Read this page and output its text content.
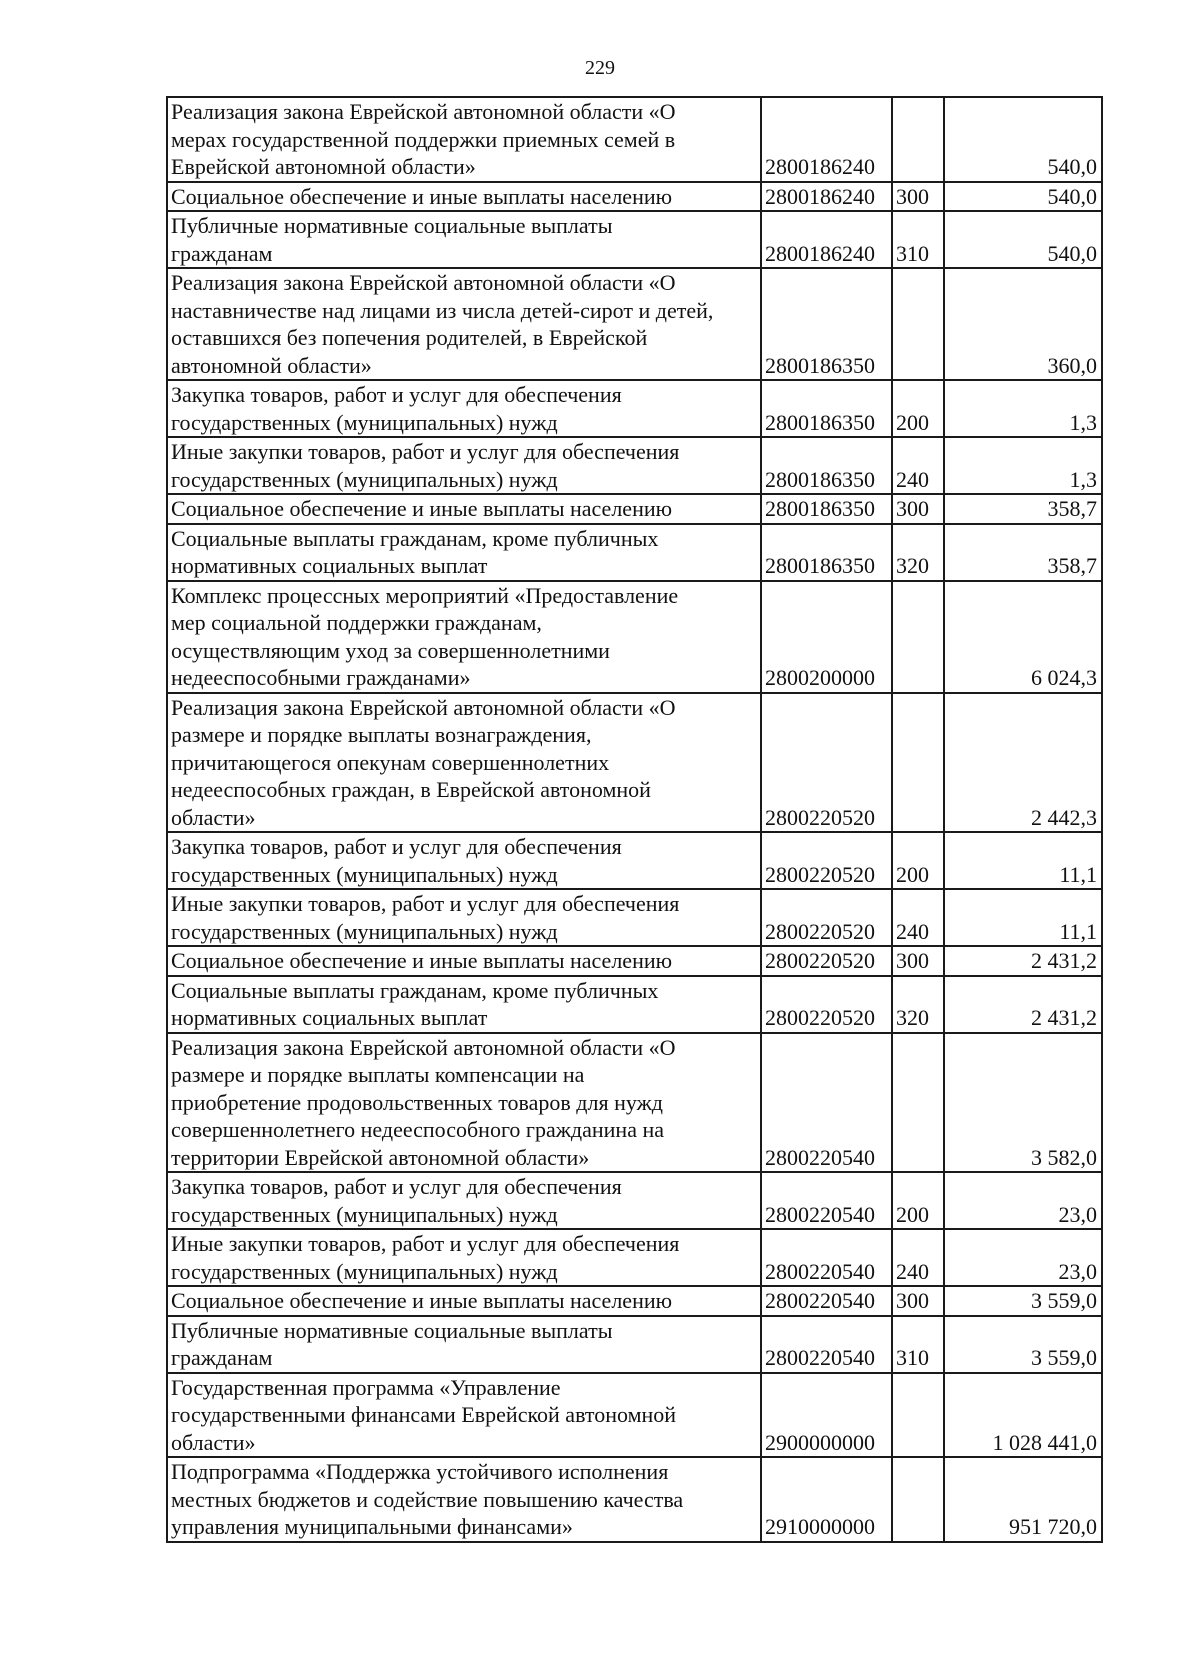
229
Реализация закона Еврейской автономной области «О
мерах государственной поддержки приемных семей в
Еврейской автономной области»	2800186240		540,0
Социальное обеспечение и иные выплаты населению	2800186240	300	540,0
Публичные нормативные социальные выплаты
гражданам	2800186240	310	540,0
Реализация закона Еврейской автономной области «О
наставничестве над лицами из числа детей-сирот и детей,
оставшихся без попечения родителей, в Еврейской
автономной области»	2800186350		360,0
Закупка товаров, работ и услуг для обеспечения
государственных (муниципальных) нужд	2800186350	200	1,3
Иные закупки товаров, работ и услуг для обеспечения
государственных (муниципальных) нужд	2800186350	240	1,3
Социальное обеспечение и иные выплаты населению	2800186350	300	358,7
Социальные выплаты гражданам, кроме публичных
нормативных социальных выплат	2800186350	320	358,7
Комплекс процессных мероприятий «Предоставление
мер социальной поддержки гражданам,
осуществляющим уход за совершеннолетними
недееспособными гражданами»	2800200000		6 024,3
Реализация закона Еврейской автономной области «О
размере и порядке выплаты вознаграждения,
причитающегося опекунам совершеннолетних
недееспособных граждан, в Еврейской автономной
области»	2800220520		2 442,3
Закупка товаров, работ и услуг для обеспечения
государственных (муниципальных) нужд	2800220520	200	11,1
Иные закупки товаров, работ и услуг для обеспечения
государственных (муниципальных) нужд	2800220520	240	11,1
Социальное обеспечение и иные выплаты населению	2800220520	300	2 431,2
Социальные выплаты гражданам, кроме публичных
нормативных социальных выплат	2800220520	320	2 431,2
Реализация закона Еврейской автономной области «О
размере и порядке выплаты компенсации на
приобретение продовольственных товаров для нужд
совершеннолетнего недееспособного гражданина на
территории Еврейской автономной области»	2800220540		3 582,0
Закупка товаров, работ и услуг для обеспечения
государственных (муниципальных) нужд	2800220540	200	23,0
Иные закупки товаров, работ и услуг для обеспечения
государственных (муниципальных) нужд	2800220540	240	23,0
Социальное обеспечение и иные выплаты населению	2800220540	300	3 559,0
Публичные нормативные социальные выплаты
гражданам	2800220540	310	3 559,0
Государственная программа «Управление
государственными финансами Еврейской автономной
области»	2900000000		1 028 441,0
Подпрограмма «Поддержка устойчивого исполнения
местных бюджетов и содействие повышению качества
управления муниципальными финансами»	2910000000		951 720,0
